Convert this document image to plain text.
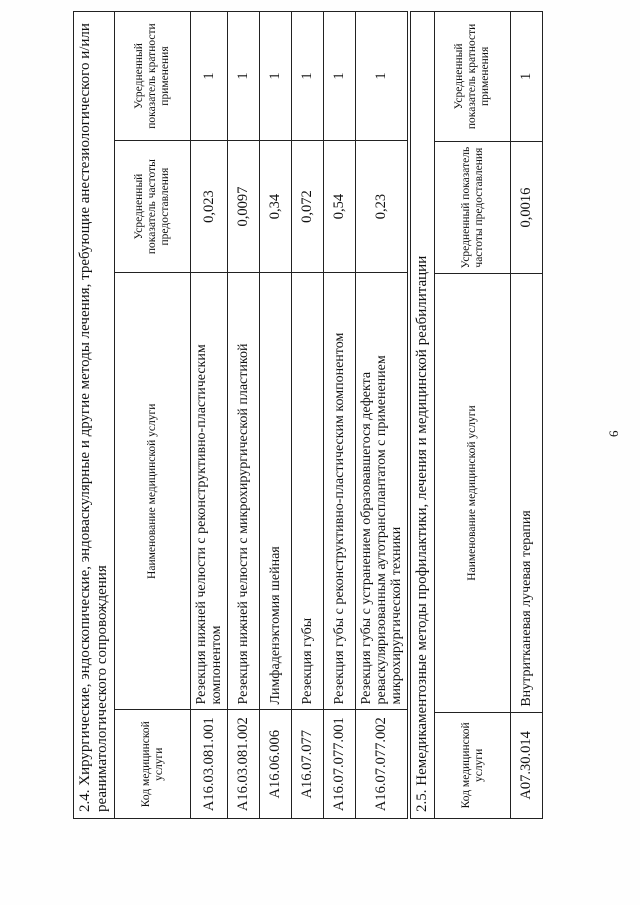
2.4. Хирургические, эндоскопические, эндоваскулярные и другие методы лечения, требующие анестезиологического и/или реаниматологического сопровождения			
Код медицинской услуги	Наименование медицинской услуги	Усредненный показатель частоты предоставления	Усредненный показатель кратности применения
A16.03.081.001	Резекция нижней челюсти с реконструктивно-пластическим компонентом	0,023	1
A16.03.081.002	Резекция нижней челюсти с микрохирургической пластикой	0,0097	1
A16.06.006	Лимфаденэктомия шейная	0,34	1
A16.07.077	Резекция губы	0,072	1
A16.07.077.001	Резекция губы с реконструктивно-пластическим компонентом	0,54	1
A16.07.077.002	Резекция губы с устранением образовавшегося дефекта реваскуляризованным аутотрансплантатом с применением микрохирургической техники	0,23	1
2.5. Немедикаментозные методы профилактики, лечения и медицинской реабилитации			
Код медицинской услуги	Наименование медицинской услуги	Усредненный показатель частоты предоставления	Усредненный показатель кратности применения
A07.30.014	Внутритканевая лучевая терапия	0,0016	1
6
